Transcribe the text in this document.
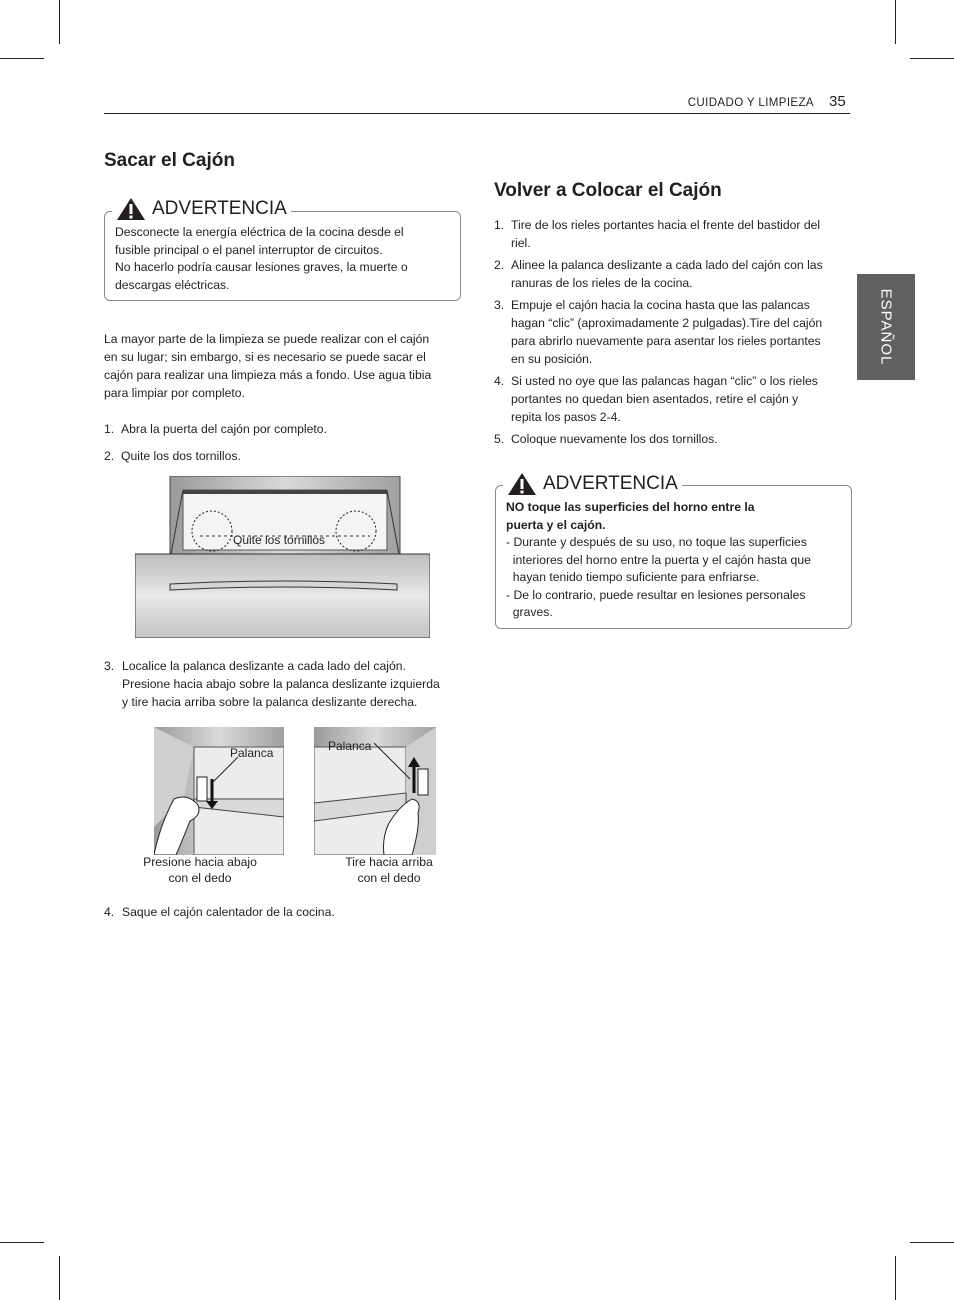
CUIDADO Y LIMPIEZA 35
ESPAÑOL
Sacar el Cajón
Desconecte la energía eléctrica de la cocina desde el
fusible principal o el panel interruptor de circuitos.
No hacerlo podría causar lesiones graves, la muerte o
descargas eléctricas.
ADVERTENCIA
La mayor parte de la limpieza se puede realizar con el cajón
en su lugar; sin embargo, si es necesario se puede sacar el
cajón para realizar una limpieza más a fondo. Use agua tibia
para limpiar por completo.
1. Abra la puerta del cajón por completo.
2. Quite los dos tornillos.
Quite los tornillos
3. Localice la palanca deslizante a cada lado del cajón.
Presione hacia abajo sobre la palanca deslizante izquierda
y tire hacia arriba sobre la palanca deslizante derecha.
Palanca	Palanca
Presione hacia abajo
con el dedo
Tire hacia arriba
con el dedo
4. Saque el cajón calentador de la cocina.
Volver a Colocar el Cajón
1. Tire de los rieles portantes hacia el frente del bastidor del
riel.
2. Alinee la palanca deslizante a cada lado del cajón con las
ranuras de los rieles de la cocina.
3. Empuje el cajón hacia la cocina hasta que las palancas
hagan “clic” (aproximadamente 2 pulgadas).Tire del cajón
para abrirlo nuevamente para asentar los rieles portantes
en su posición.
4. Si usted no oye que las palancas hagan “clic” o los rieles
portantes no quedan bien asentados, retire el cajón y
repita los pasos 2-4.
5. Coloque nuevamente los dos tornillos.
NO toque las superficies del horno entre la
puerta y el cajón.
- Durante y después de su uso, no toque las superficies
interiores del horno entre la puerta y el cajón hasta que
hayan tenido tiempo suficiente para enfriarse.
- De lo contrario, puede resultar en lesiones personales
graves.
ADVERTENCIA
